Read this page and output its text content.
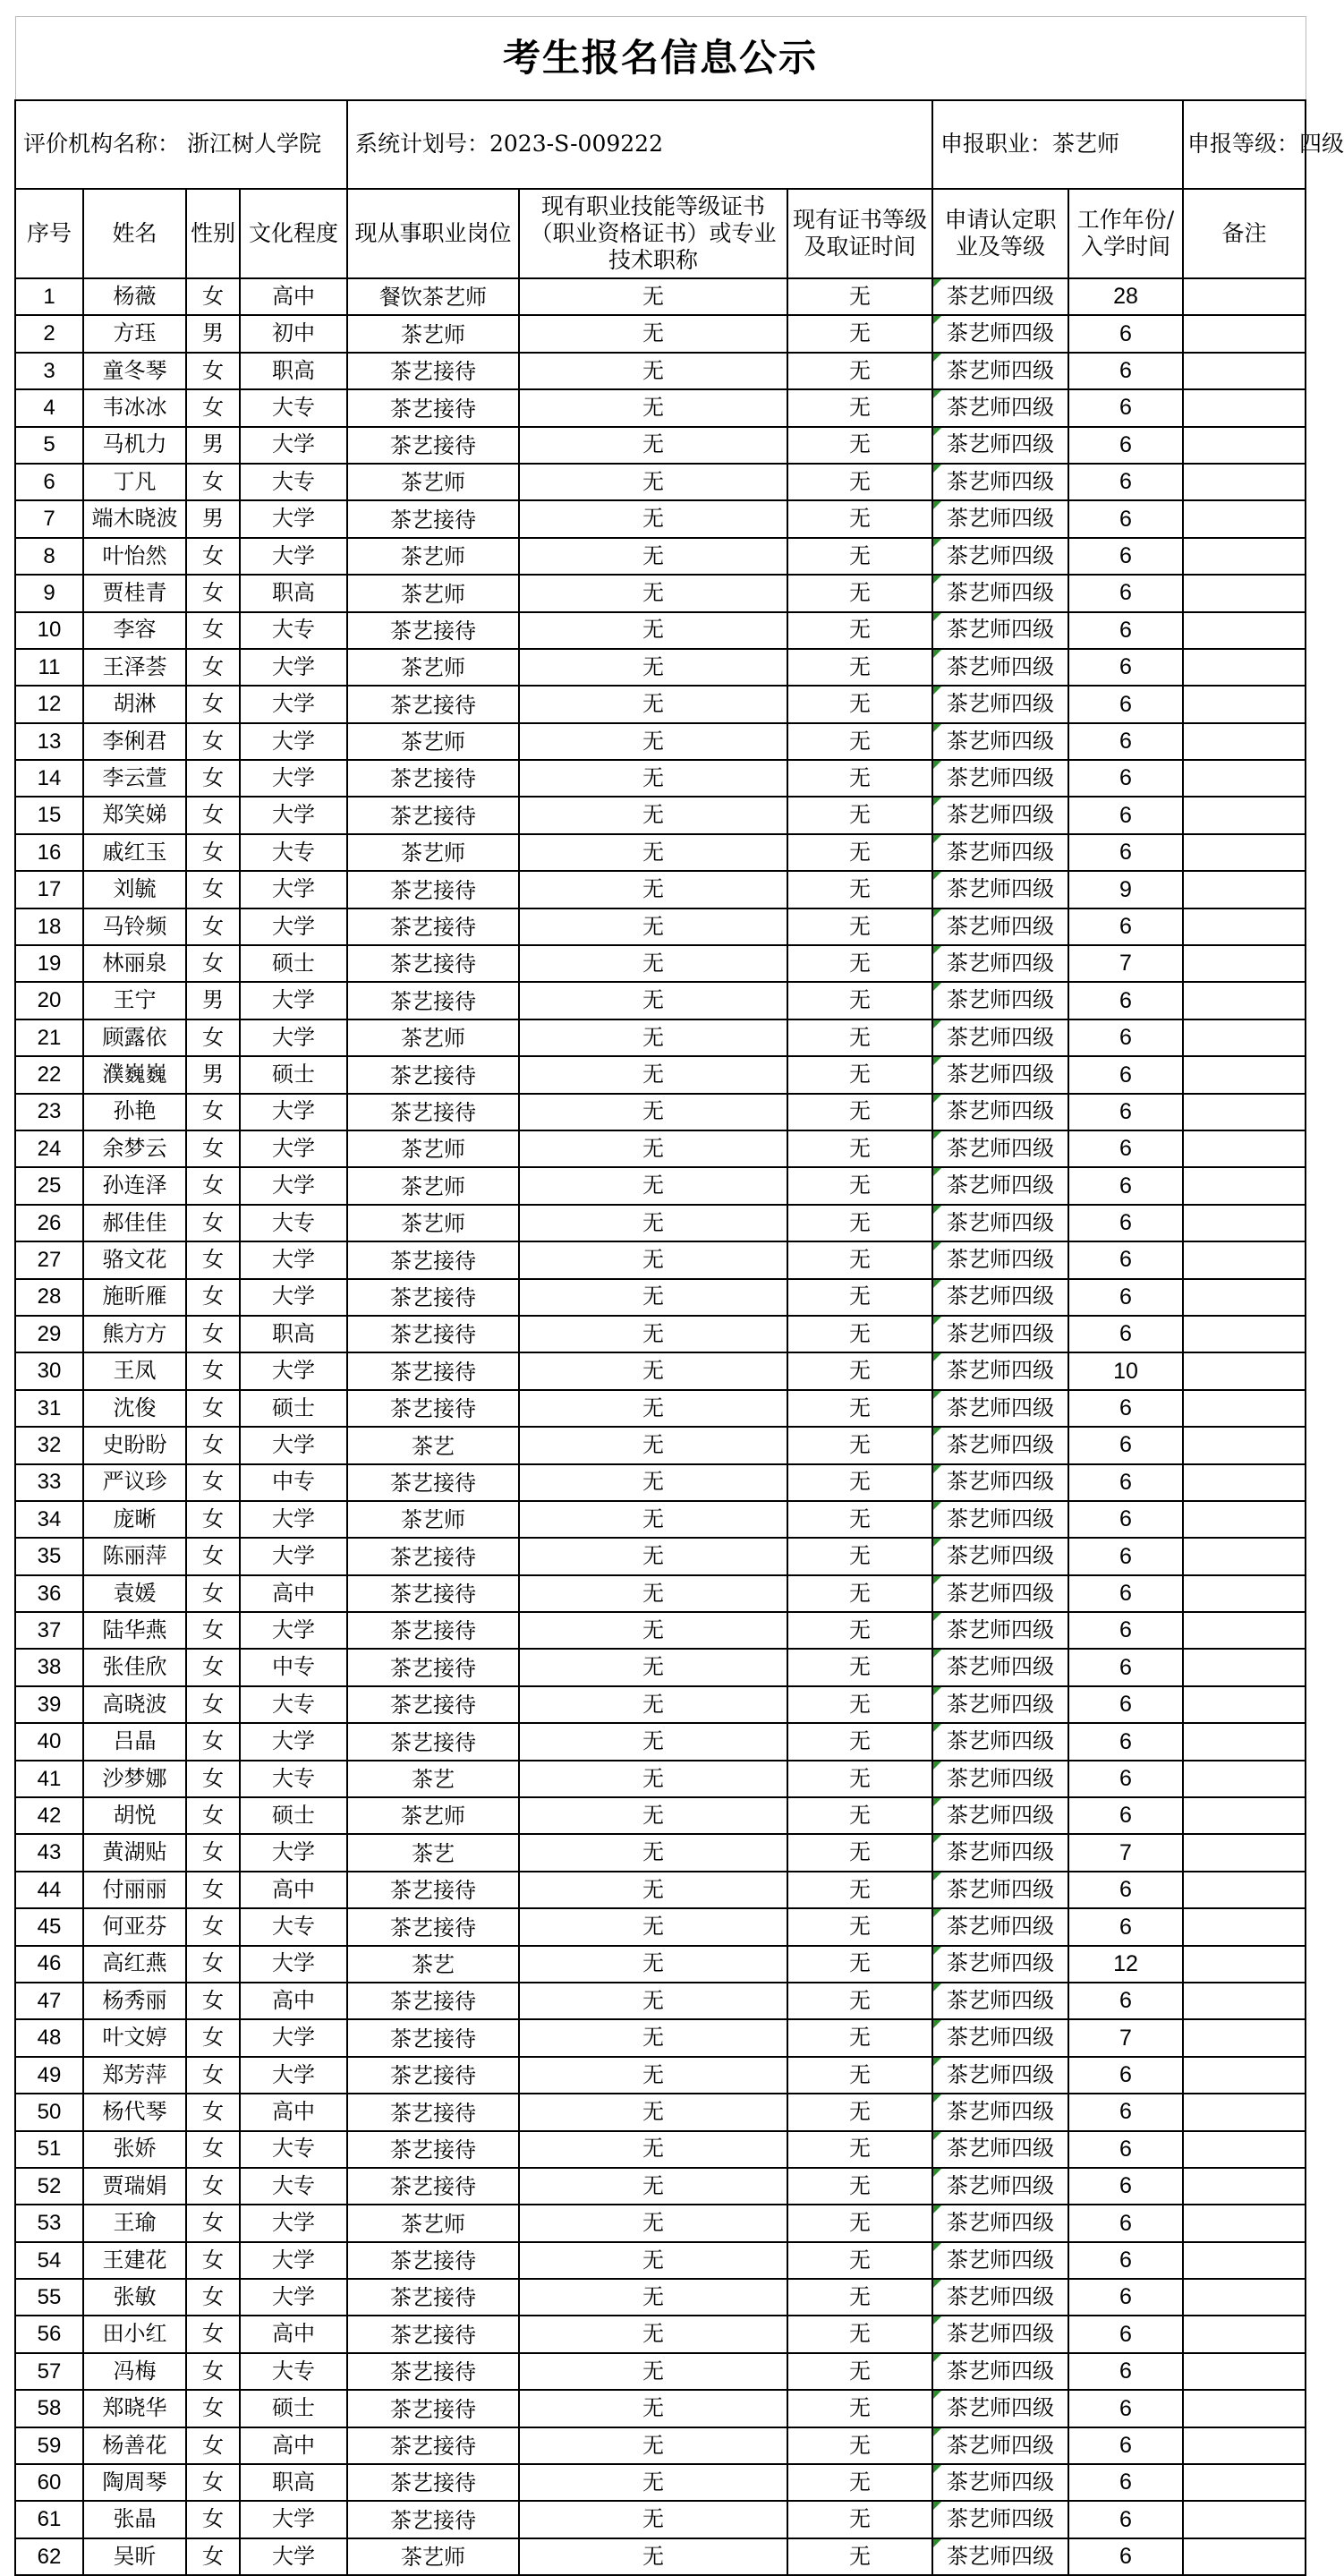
考生报名信息公示									
评价机构名称： 浙江树人学院				系统计划号：2023-S-009222			申报职业：茶艺师		申报等级：四级
序号	姓名	性别	文化程度	现从事职业岗位	现有职业技能等级证书（职业资格证书）或专业技术职称	现有证书等级及取证时间	申请认定职业及等级	工作年份/入学时间	备注
1	杨薇	女	高中	餐饮茶艺师	无	无	茶艺师四级	28	
2	方珏	男	初中	茶艺师	无	无	茶艺师四级	6	
3	童冬琴	女	职高	茶艺接待	无	无	茶艺师四级	6	
4	韦冰冰	女	大专	茶艺接待	无	无	茶艺师四级	6	
5	马机力	男	大学	茶艺接待	无	无	茶艺师四级	6	
6	丁凡	女	大专	茶艺师	无	无	茶艺师四级	6	
7	端木晓波	男	大学	茶艺接待	无	无	茶艺师四级	6	
8	叶怡然	女	大学	茶艺师	无	无	茶艺师四级	6	
9	贾桂青	女	职高	茶艺师	无	无	茶艺师四级	6	
10	李容	女	大专	茶艺接待	无	无	茶艺师四级	6	
11	王泽荟	女	大学	茶艺师	无	无	茶艺师四级	6	
12	胡淋	女	大学	茶艺接待	无	无	茶艺师四级	6	
13	李俐君	女	大学	茶艺师	无	无	茶艺师四级	6	
14	李云萱	女	大学	茶艺接待	无	无	茶艺师四级	6	
15	郑笑娣	女	大学	茶艺接待	无	无	茶艺师四级	6	
16	戚红玉	女	大专	茶艺师	无	无	茶艺师四级	6	
17	刘毓	女	大学	茶艺接待	无	无	茶艺师四级	9	
18	马铃频	女	大学	茶艺接待	无	无	茶艺师四级	6	
19	林丽泉	女	硕士	茶艺接待	无	无	茶艺师四级	7	
20	王宁	男	大学	茶艺接待	无	无	茶艺师四级	6	
21	顾露依	女	大学	茶艺师	无	无	茶艺师四级	6	
22	濮巍巍	男	硕士	茶艺接待	无	无	茶艺师四级	6	
23	孙艳	女	大学	茶艺接待	无	无	茶艺师四级	6	
24	余梦云	女	大学	茶艺师	无	无	茶艺师四级	6	
25	孙连泽	女	大学	茶艺师	无	无	茶艺师四级	6	
26	郝佳佳	女	大专	茶艺师	无	无	茶艺师四级	6	
27	骆文花	女	大学	茶艺接待	无	无	茶艺师四级	6	
28	施昕雁	女	大学	茶艺接待	无	无	茶艺师四级	6	
29	熊方方	女	职高	茶艺接待	无	无	茶艺师四级	6	
30	王凤	女	大学	茶艺接待	无	无	茶艺师四级	10	
31	沈俊	女	硕士	茶艺接待	无	无	茶艺师四级	6	
32	史盼盼	女	大学	茶艺	无	无	茶艺师四级	6	
33	严议珍	女	中专	茶艺接待	无	无	茶艺师四级	6	
34	庞晰	女	大学	茶艺师	无	无	茶艺师四级	6	
35	陈丽萍	女	大学	茶艺接待	无	无	茶艺师四级	6	
36	袁媛	女	高中	茶艺接待	无	无	茶艺师四级	6	
37	陆华燕	女	大学	茶艺接待	无	无	茶艺师四级	6	
38	张佳欣	女	中专	茶艺接待	无	无	茶艺师四级	6	
39	高晓波	女	大专	茶艺接待	无	无	茶艺师四级	6	
40	吕晶	女	大学	茶艺接待	无	无	茶艺师四级	6	
41	沙梦娜	女	大专	茶艺	无	无	茶艺师四级	6	
42	胡悦	女	硕士	茶艺师	无	无	茶艺师四级	6	
43	黄湖贴	女	大学	茶艺	无	无	茶艺师四级	7	
44	付丽丽	女	高中	茶艺接待	无	无	茶艺师四级	6	
45	何亚芬	女	大专	茶艺接待	无	无	茶艺师四级	6	
46	高红燕	女	大学	茶艺	无	无	茶艺师四级	12	
47	杨秀丽	女	高中	茶艺接待	无	无	茶艺师四级	6	
48	叶文婷	女	大学	茶艺接待	无	无	茶艺师四级	7	
49	郑芳萍	女	大学	茶艺接待	无	无	茶艺师四级	6	
50	杨代琴	女	高中	茶艺接待	无	无	茶艺师四级	6	
51	张娇	女	大专	茶艺接待	无	无	茶艺师四级	6	
52	贾瑞娟	女	大专	茶艺接待	无	无	茶艺师四级	6	
53	王瑜	女	大学	茶艺师	无	无	茶艺师四级	6	
54	王建花	女	大学	茶艺接待	无	无	茶艺师四级	6	
55	张敏	女	大学	茶艺接待	无	无	茶艺师四级	6	
56	田小红	女	高中	茶艺接待	无	无	茶艺师四级	6	
57	冯梅	女	大专	茶艺接待	无	无	茶艺师四级	6	
58	郑晓华	女	硕士	茶艺接待	无	无	茶艺师四级	6	
59	杨善花	女	高中	茶艺接待	无	无	茶艺师四级	6	
60	陶周琴	女	职高	茶艺接待	无	无	茶艺师四级	6	
61	张晶	女	大学	茶艺接待	无	无	茶艺师四级	6	
62	吴昕	女	大学	茶艺师	无	无	茶艺师四级	6	
